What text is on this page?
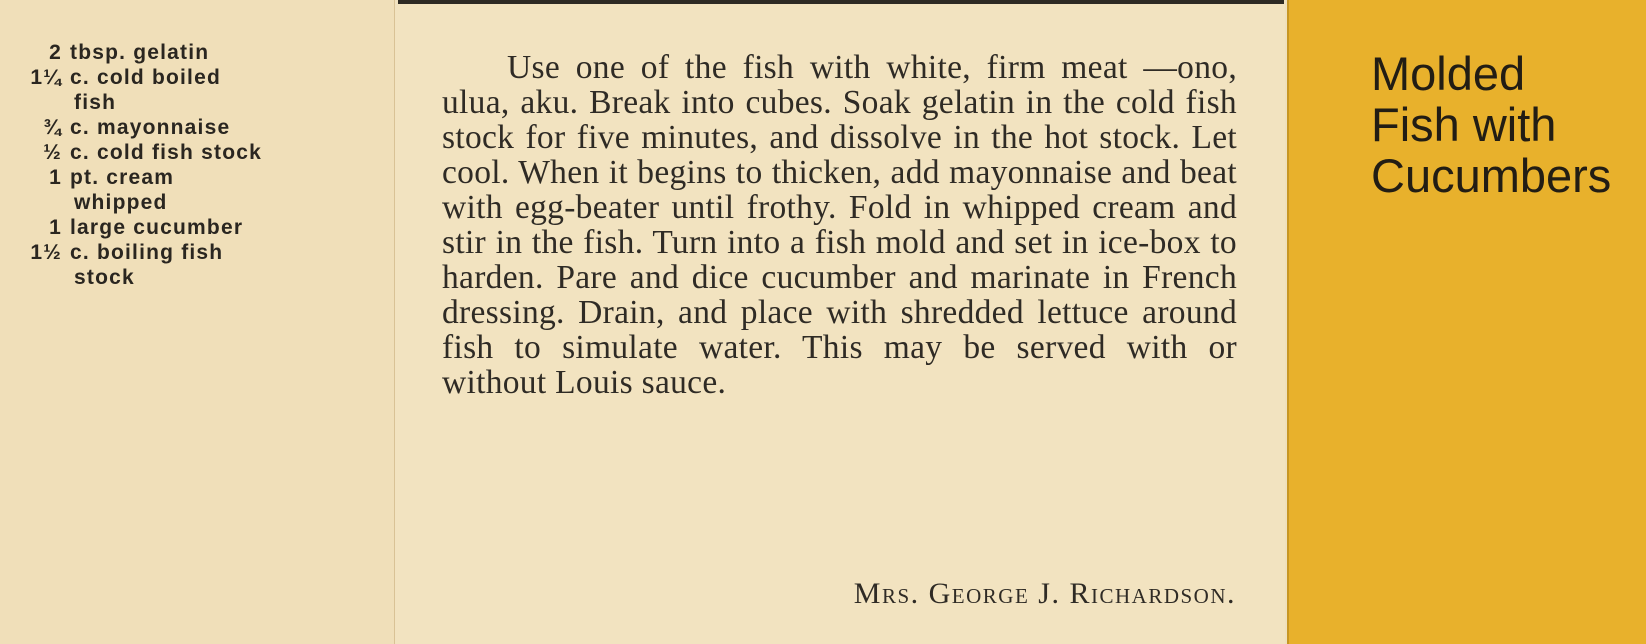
2 tbsp. gelatin
1¼ c. cold boiled
fish
¾ c. mayonnaise
½ c. cold fish stock
1 pt. cream
whipped
1 large cucumber
1½ c. boiling fish
stock

Use one of the fish with white, firm meat —ono, ulua, aku. Break into cubes. Soak gelatin in the cold fish stock for five minutes, and dissolve in the hot stock. Let cool. When it begins to thicken, add mayonnaise and beat with egg-beater until frothy. Fold in whipped cream and stir in the fish. Turn into a fish mold and set in ice-box to harden. Pare and dice cucumber and marinate in French dressing. Drain, and place with shredded lettuce around fish to simulate water. This may be served with or without Louis sauce.

Mrs. George J. Richardson.
Molded
Fish with
Cucumbers
